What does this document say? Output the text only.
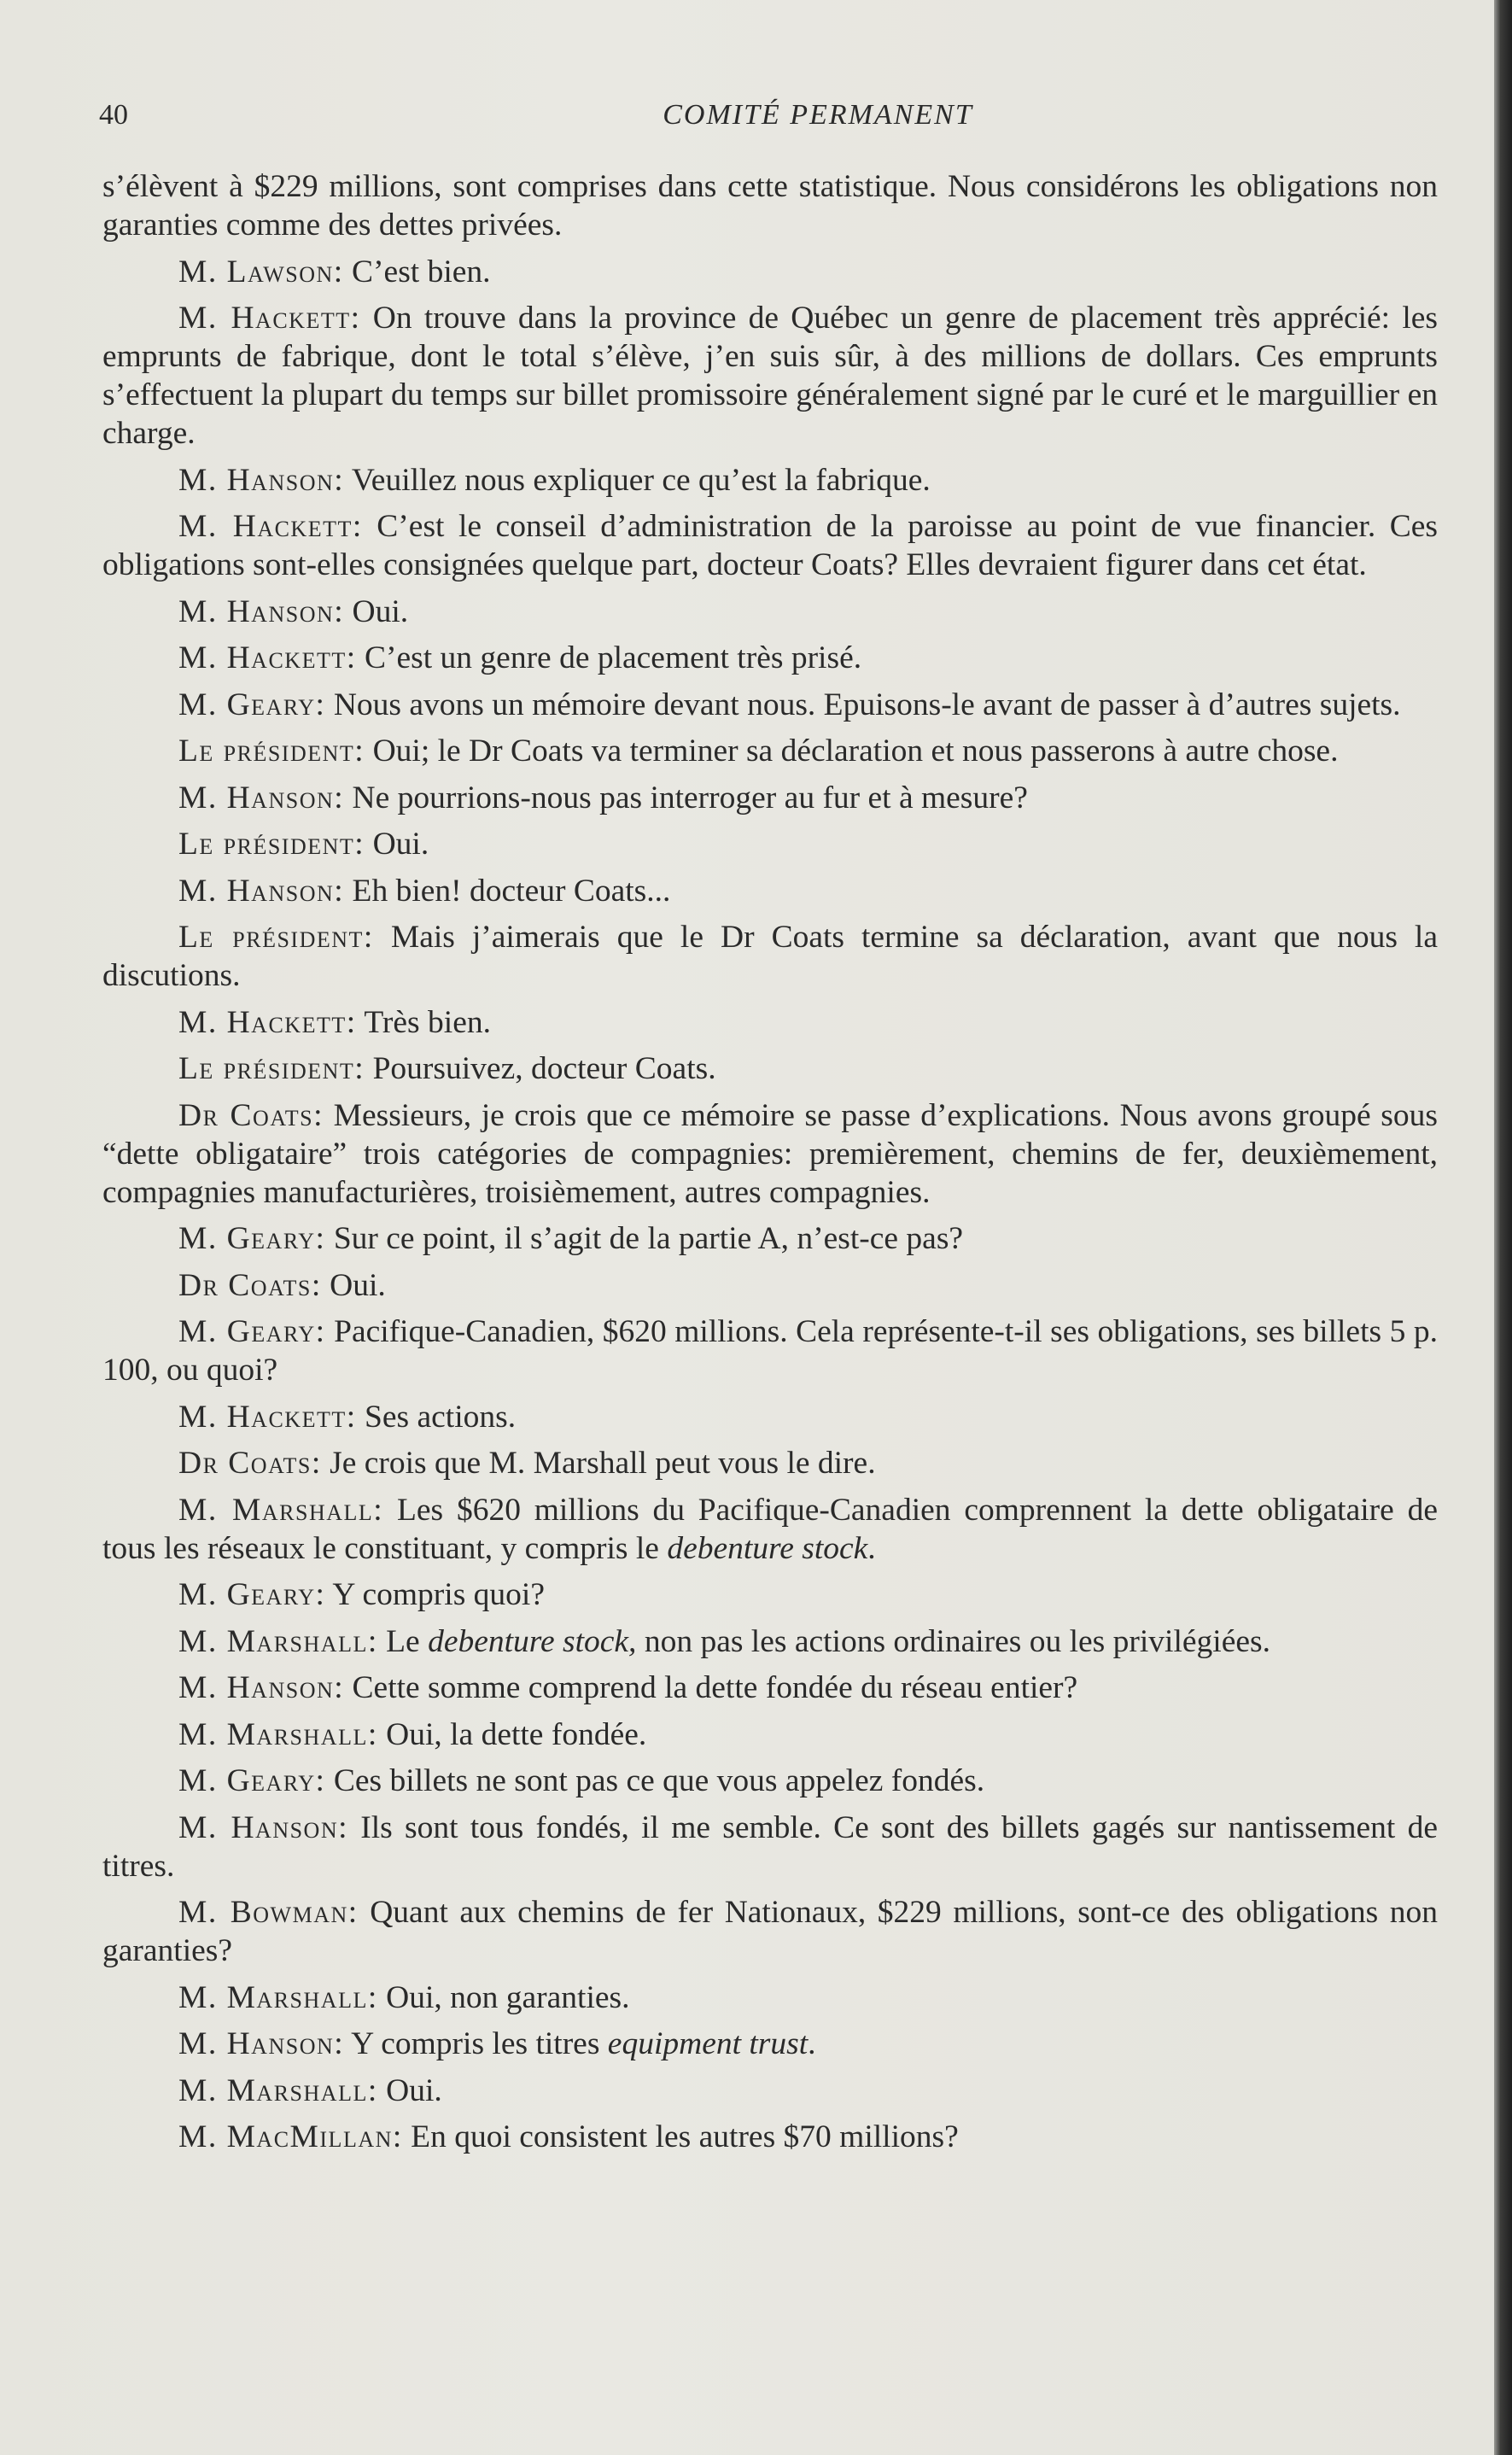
40	COMITÉ PERMANENT

s’élèvent à $229 millions, sont comprises dans cette statistique. Nous considérons les obligations non garanties comme des dettes privées.

M. Lawson: C’est bien.

M. Hackett: On trouve dans la province de Québec un genre de placement très apprécié: les emprunts de fabrique, dont le total s’élève, j’en suis sûr, à des millions de dollars. Ces emprunts s’effectuent la plupart du temps sur billet promissoire généralement signé par le curé et le marguillier en charge.

M. Hanson: Veuillez nous expliquer ce qu’est la fabrique.

M. Hackett: C’est le conseil d’administration de la paroisse au point de vue financier. Ces obligations sont-elles consignées quelque part, docteur Coats? Elles devraient figurer dans cet état.

M. Hanson: Oui.

M. Hackett: C’est un genre de placement très prisé.

M. Geary: Nous avons un mémoire devant nous. Epuisons-le avant de passer à d’autres sujets.

Le président: Oui; le Dr Coats va terminer sa déclaration et nous passerons à autre chose.

M. Hanson: Ne pourrions-nous pas interroger au fur et à mesure?

Le président: Oui.

M. Hanson: Eh bien! docteur Coats...

Le président: Mais j’aimerais que le Dr Coats termine sa déclaration, avant que nous la discutions.

M. Hackett: Très bien.

Le président: Poursuivez, docteur Coats.

Dr Coats: Messieurs, je crois que ce mémoire se passe d’explications. Nous avons groupé sous “dette obligataire” trois catégories de compagnies: premièrement, chemins de fer, deuxièmement, compagnies manufacturières, troisièmement, autres compagnies.

M. Geary: Sur ce point, il s’agit de la partie A, n’est-ce pas?

Dr Coats: Oui.

M. Geary: Pacifique-Canadien, $620 millions. Cela représente-t-il ses obligations, ses billets 5 p. 100, ou quoi?

M. Hackett: Ses actions.

Dr Coats: Je crois que M. Marshall peut vous le dire.

M. Marshall: Les $620 millions du Pacifique-Canadien comprennent la dette obligataire de tous les réseaux le constituant, y compris le debenture stock.

M. Geary: Y compris quoi?

M. Marshall: Le debenture stock, non pas les actions ordinaires ou les privilégiées.

M. Hanson: Cette somme comprend la dette fondée du réseau entier?

M. Marshall: Oui, la dette fondée.

M. Geary: Ces billets ne sont pas ce que vous appelez fondés.

M. Hanson: Ils sont tous fondés, il me semble. Ce sont des billets gagés sur nantissement de titres.

M. Bowman: Quant aux chemins de fer Nationaux, $229 millions, sont-ce des obligations non garanties?

M. Marshall: Oui, non garanties.

M. Hanson: Y compris les titres equipment trust.

M. Marshall: Oui.

M. MacMillan: En quoi consistent les autres $70 millions?
